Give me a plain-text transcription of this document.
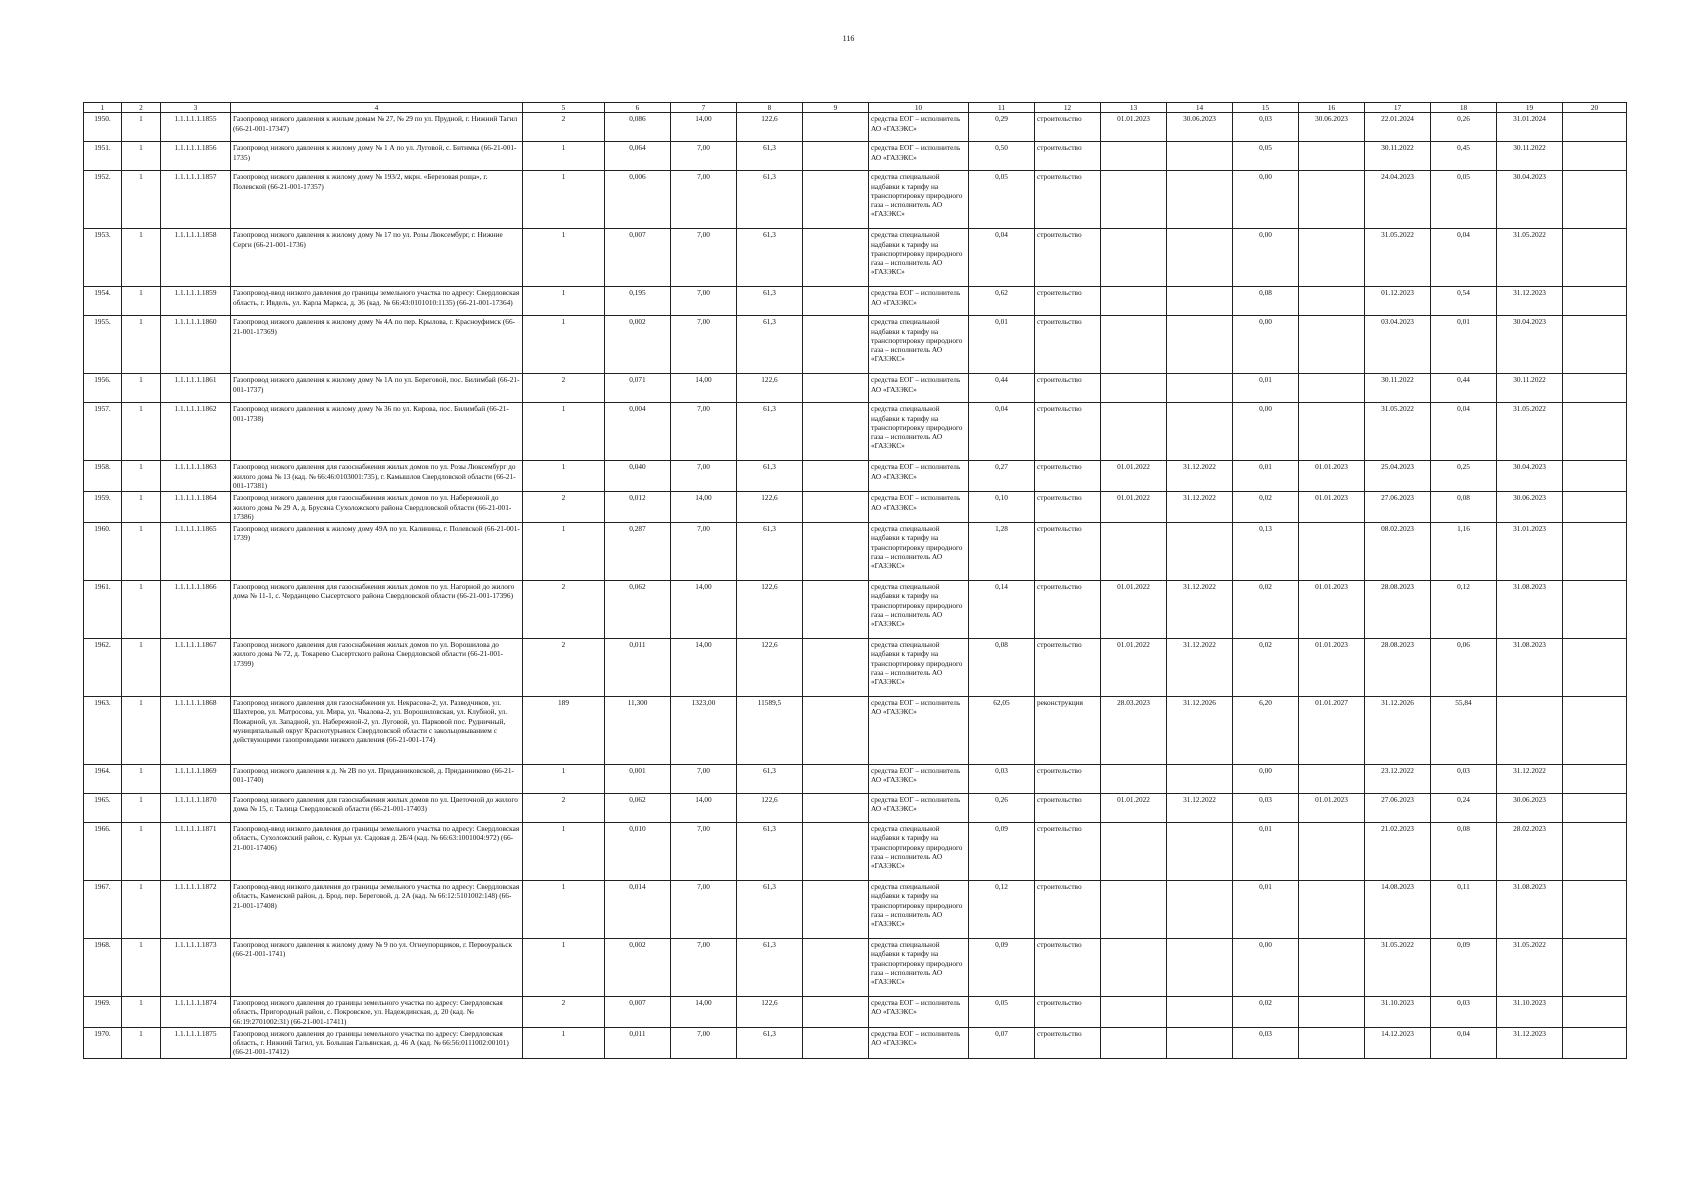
116
1	2	3	4	5	6	7	8	9	10	11	12	13	14	15	16	17	18	19	20
1950.	1	1.1.1.1.1.1855	Газопровод низкого давления к жилым домам № 27, № 29 по ул. Прудной, г. Нижний Тагил (66-21-001-17347)	2	0,086	14,00	122,6		средства ЕОГ – исполнитель АО «ГАЗЭКС»	0,29	строительство	01.01.2023	30.06.2023	0,03	30.06.2023	22.01.2024	0,26	31.01.2024	
1951.	1	1.1.1.1.1.1856	Газопровод низкого давления к жилому дому № 1 А по ул. Луговой, с. Битимка (66-21-001-1735)	1	0,064	7,00	61,3		средства ЕОГ – исполнитель АО «ГАЗЭКС»	0,50	строительство			0,05		30.11.2022	0,45	30.11.2022	
1952.	1	1.1.1.1.1.1857	Газопровод низкого давления к жилому дому № 193/2, мкрн. «Березовая роща», г. Полевской (66-21-001-17357)	1	0,006	7,00	61,3		средства специальной надбавки к тарифу на транспортировку природного газа – исполнитель АО «ГАЗЭКС»	0,05	строительство			0,00		24.04.2023	0,05	30.04.2023	
1953.	1	1.1.1.1.1.1858	Газопровод низкого давления к жилому дому № 17 по ул. Розы Люксембург, г. Нижние Серги (66-21-001-1736)	1	0,007	7,00	61,3		средства специальной надбавки к тарифу на транспортировку природного газа – исполнитель АО «ГАЗЭКС»	0,04	строительство			0,00		31.05.2022	0,04	31.05.2022	
1954.	1	1.1.1.1.1.1859	Газопровод-ввод низкого давления до границы земельного участка по адресу: Свердловская область, г. Ивдель, ул. Карла Маркса, д. 36 (кад. № 66:43:0101010:1135) (66-21-001-17364)	1	0,195	7,00	61,3		средства ЕОГ – исполнитель АО «ГАЗЭКС»	0,62	строительство			0,08		01.12.2023	0,54	31.12.2023	
1955.	1	1.1.1.1.1.1860	Газопровод низкого давления к жилому дому № 4А по пер. Крылова, г. Красноуфимск (66-21-001-17369)	1	0,002	7,00	61,3		средства специальной надбавки к тарифу на транспортировку природного газа – исполнитель АО «ГАЗЭКС»	0,01	строительство			0,00		03.04.2023	0,01	30.04.2023	
1956.	1	1.1.1.1.1.1861	Газопровод низкого давления к жилому дому № 1А по ул. Береговой, пос. Билимбай (66-21-001-1737)	2	0,071	14,00	122,6		средства ЕОГ – исполнитель АО «ГАЗЭКС»	0,44	строительство			0,01		30.11.2022	0,44	30.11.2022	
1957.	1	1.1.1.1.1.1862	Газопровод низкого давления к жилому дому № 36 по ул. Кирова, пос. Билимбай (66-21-001-1738)	1	0,004	7,00	61,3		средства специальной надбавки к тарифу на транспортировку природного газа – исполнитель АО «ГАЗЭКС»	0,04	строительство			0,00		31.05.2022	0,04	31.05.2022	
1958.	1	1.1.1.1.1.1863	Газопровод низкого давления для газоснабжения жилых домов по ул. Розы Люксембург до жилого дома № 13 (кад. № 66:46:0103001:735), г. Камышлов Свердловской области (66-21-001-17381)	1	0,040	7,00	61,3		средства ЕОГ – исполнитель АО «ГАЗЭКС»	0,27	строительство	01.01.2022	31.12.2022	0,01	01.01.2023	25.04.2023	0,25	30.04.2023	
1959.	1	1.1.1.1.1.1864	Газопровод низкого давления для газоснабжения жилых домов по ул. Набережной до жилого дома № 29 А, д. Брусяна Сухоложского района Свердловской области (66-21-001-17386)	2	0,012	14,00	122,6		средства ЕОГ – исполнитель АО «ГАЗЭКС»	0,10	строительство	01.01.2022	31.12.2022	0,02	01.01.2023	27.06.2023	0,08	30.06.2023	
1960.	1	1.1.1.1.1.1865	Газопровод низкого давления к жилому дому 49А по ул. Калинина, г. Полевской (66-21-001-1739)	1	0,287	7,00	61,3		средства специальной надбавки к тарифу на транспортировку природного газа – исполнитель АО «ГАЗЭКС»	1,28	строительство			0,13		08.02.2023	1,16	31.01.2023	
1961.	1	1.1.1.1.1.1866	Газопровод низкого давления для газоснабжения жилых домов по ул. Нагорной до жилого дома № 11-1, с. Черданцево Сысертского района Свердловской области (66-21-001-17396)	2	0,062	14,00	122,6		средства специальной надбавки к тарифу на транспортировку природного газа – исполнитель АО «ГАЗЭКС»	0,14	строительство	01.01.2022	31.12.2022	0,02	01.01.2023	28.08.2023	0,12	31.08.2023	
1962.	1	1.1.1.1.1.1867	Газопровод низкого давления для газоснабжения жилых домов по ул. Ворошилова до жилого дома № 72, д. Токарево Сысертского района Свердловской области (66-21-001-17399)	2	0,011	14,00	122,6		средства специальной надбавки к тарифу на транспортировку природного газа – исполнитель АО «ГАЗЭКС»	0,08	строительство	01.01.2022	31.12.2022	0,02	01.01.2023	28.08.2023	0,06	31.08.2023	
1963.	1	1.1.1.1.1.1868	Газопровод низкого давления для газоснабжения ул. Некрасова-2, ул. Разведчиков, ул. Шахтеров, ул. Матросова, ул. Мира, ул. Чкалова-2, ул. Ворошиловская, ул. Клубной, ул. Пожарной, ул. Западной, ул. Набережной-2, ул. Луговой, ул. Парковой пос. Рудничный, муниципальный округ Краснотурьинск Свердловской области с закольцовыванием с действующими газопроводами низкого давления (66-21-001-174)	189	11,300	1323,00	11589,5		средства ЕОГ – исполнитель АО «ГАЗЭКС»	62,05	реконструкция	28.03.2023	31.12.2026	6,20	01.01.2027	31.12.2026	55,84		
1964.	1	1.1.1.1.1.1869	Газопровод низкого давления к д. № 2В по ул. Приданниковской, д. Приданниково (66-21-001-1740)	1	0,001	7,00	61,3		средства ЕОГ – исполнитель АО «ГАЗЭКС»	0,03	строительство			0,00		23.12.2022	0,03	31.12.2022	
1965.	1	1.1.1.1.1.1870	Газопровод низкого давления для газоснабжения жилых домов по ул. Цветочной до жилого дома № 15, г. Талица Свердловской области (66-21-001-17403)	2	0,062	14,00	122,6		средства ЕОГ – исполнитель АО «ГАЗЭКС»	0,26	строительство	01.01.2022	31.12.2022	0,03	01.01.2023	27.06.2023	0,24	30.06.2023	
1966.	1	1.1.1.1.1.1871	Газопровод-ввод низкого давления до границы земельного участка по адресу: Свердловская область, Сухоложский район, с. Курьи ул. Садовая д. 2Б/4 (кад. № 66:63:1001004:972) (66-21-001-17406)	1	0,010	7,00	61,3		средства специальной надбавки к тарифу на транспортировку природного газа – исполнитель АО «ГАЗЭКС»	0,09	строительство			0,01		21.02.2023	0,08	28.02.2023	
1967.	1	1.1.1.1.1.1872	Газопровод-ввод низкого давления до границы земельного участка по адресу: Свердловская область, Каменский район, д. Брод, пер. Береговой, д. 2А (кад. № 66:12:5101002:148) (66-21-001-17408)	1	0,014	7,00	61,3		средства специальной надбавки к тарифу на транспортировку природного газа – исполнитель АО «ГАЗЭКС»	0,12	строительство			0,01		14.08.2023	0,11	31.08.2023	
1968.	1	1.1.1.1.1.1873	Газопровод низкого давления к жилому дому № 9 по ул. Огнеупорщиков, г. Первоуральск (66-21-001-1741)	1	0,002	7,00	61,3		средства специальной надбавки к тарифу на транспортировку природного газа – исполнитель АО «ГАЗЭКС»	0,09	строительство			0,00		31.05.2022	0,09	31.05.2022	
1969.	1	1.1.1.1.1.1874	Газопровод низкого давления до границы земельного участка по адресу: Свердловская область, Пригородный район, с. Покровское, ул. Надеждинская, д. 20 (кад. № 66:19:2701002:31) (66-21-001-17411)	2	0,007	14,00	122,6		средства ЕОГ – исполнитель АО «ГАЗЭКС»	0,05	строительство			0,02		31.10.2023	0,03	31.10.2023	
1970.	1	1.1.1.1.1.1875	Газопровод низкого давления до границы земельного участка по адресу: Свердловская область, г. Нижний Тагил, ул. Большая Гальянская, д. 46 А (кад. № 66:56:0111002:00101) (66-21-001-17412)	1	0,011	7,00	61,3		средства ЕОГ – исполнитель АО «ГАЗЭКС»	0,07	строительство			0,03		14.12.2023	0,04	31.12.2023	
